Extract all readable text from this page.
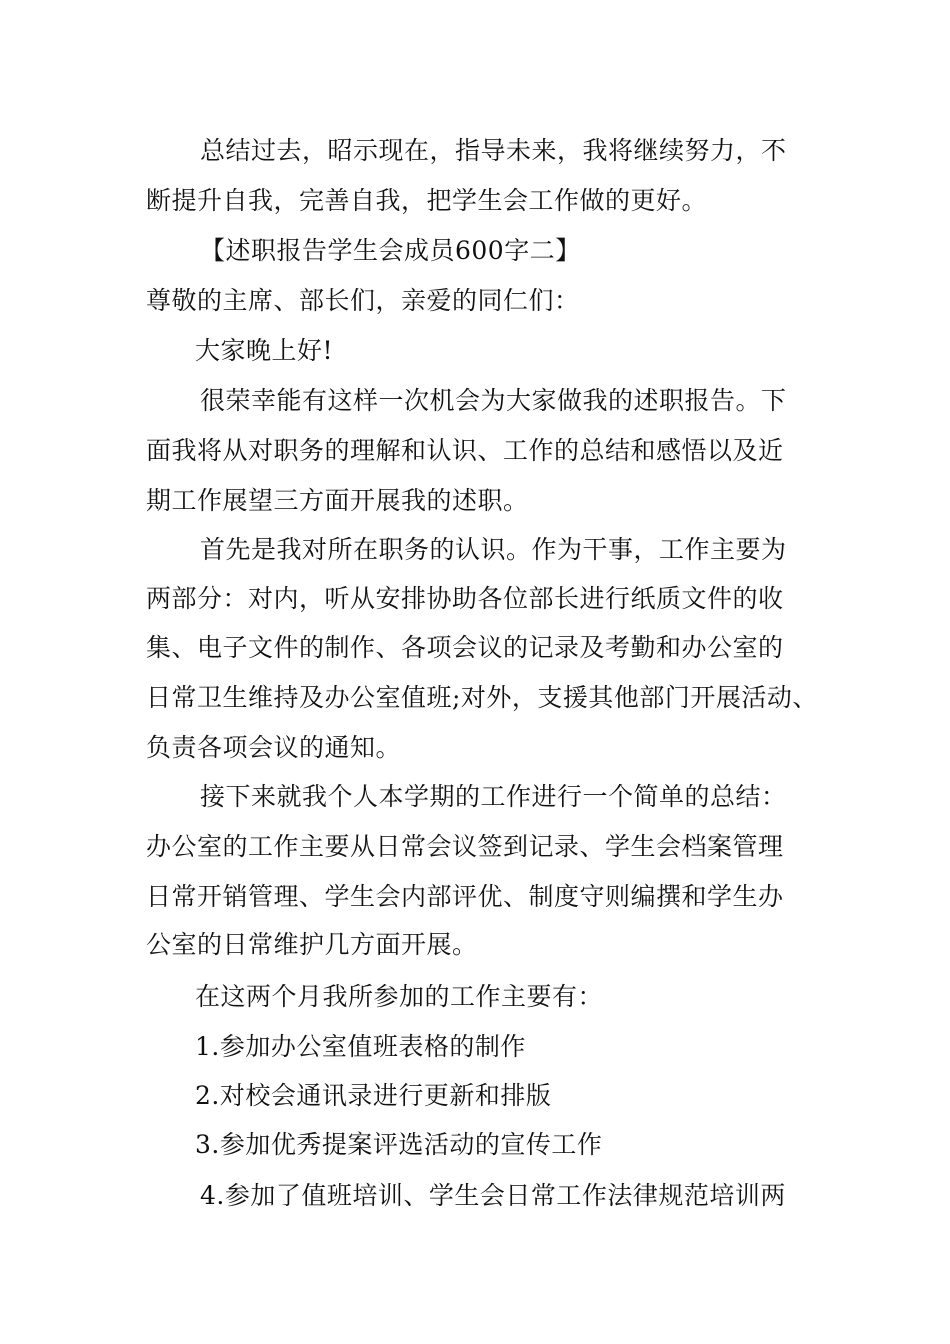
总结过去，昭示现在，指导未来，我将继续努力，不
断提升自我，完善自我，把学生会工作做的更好。
【述职报告学生会成员600字二】
尊敬的主席、部长们，亲爱的同仁们：
大家晚上好!
很荣幸能有这样一次机会为大家做我的述职报告。下
面我将从对职务的理解和认识、工作的总结和感悟以及近
期工作展望三方面开展我的述职。
首先是我对所在职务的认识。作为干事，工作主要为
两部分：对内，听从安排协助各位部长进行纸质文件的收
集、电子文件的制作、各项会议的记录及考勤和办公室的
日常卫生维持及办公室值班;对外，支援其他部门开展活动、
负责各项会议的通知。
接下来就我个人本学期的工作进行一个简单的总结：
办公室的工作主要从日常会议签到记录、学生会档案管理
日常开销管理、学生会内部评优、制度守则编撰和学生办
公室的日常维护几方面开展。
在这两个月我所参加的工作主要有：
1.参加办公室值班表格的制作
2.对校会通讯录进行更新和排版
3.参加优秀提案评选活动的宣传工作
4.参加了值班培训、学生会日常工作法律规范培训两
